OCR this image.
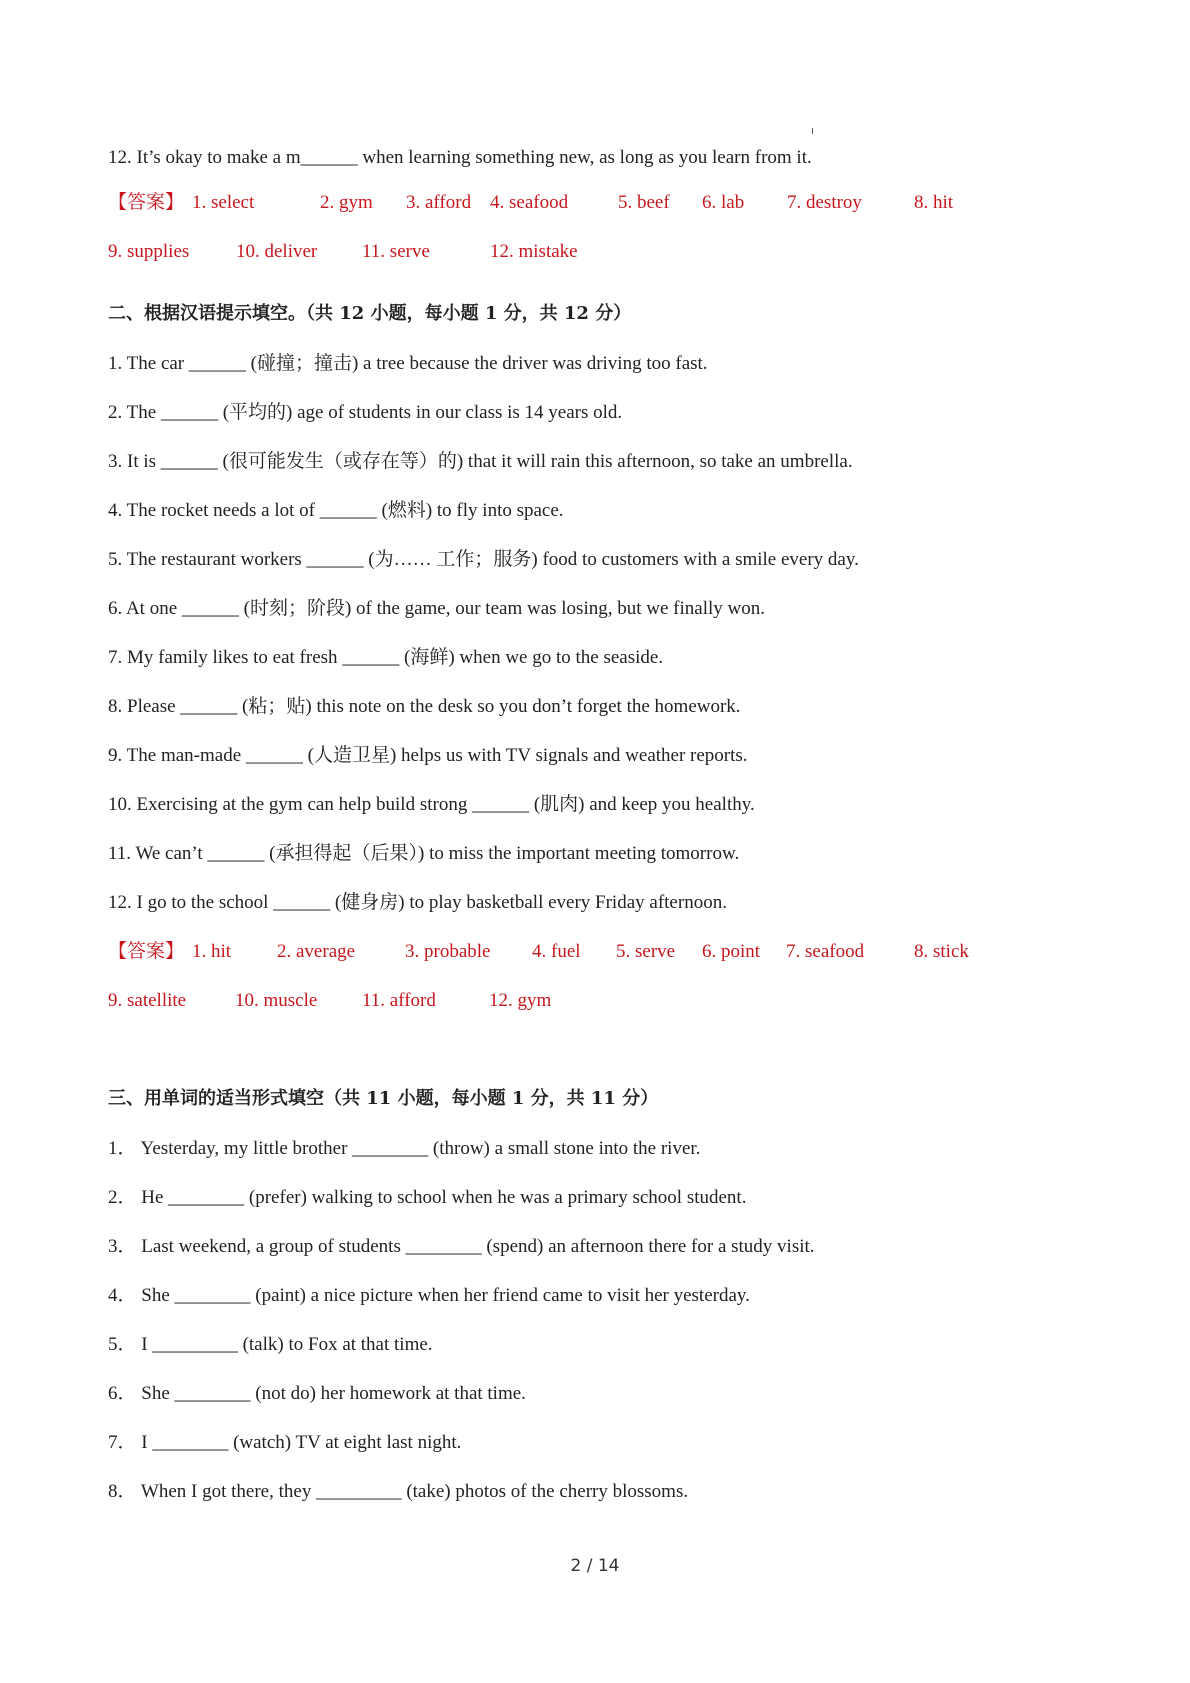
12. It’s okay to make a m______ when learning something new, as long as you learn from it.
【答案】 1. select	2. gym 3. afford 4. seafood	5. beef 6. lab 7. destroy	8. hit
9. supplies 10. deliver 11. serve	12. mistake
二、根据汉语提示填空。（共 12 小题，每小题 1 分，共 12 分）
1. The car ______ (碰撞；撞击) a tree because the driver was driving too fast.
2. The ______ (平均的) age of students in our class is 14 years old.
3. It is ______ (很可能发生（或存在等）的) that it will rain this afternoon, so take an umbrella.
4. The rocket needs a lot of ______ (燃料) to fly into space.
5. The restaurant workers ______ (为…… 工作；服务) food to customers with a smile every day.
6. At one ______ (时刻；阶段) of the game, our team was losing, but we finally won.
7. My family likes to eat fresh ______ (海鲜) when we go to the seaside.
8. Please ______ (粘；贴) this note on the desk so you don’t forget the homework.
9. The man-made ______ (人造卫星) helps us with TV signals and weather reports.
10. Exercising at the gym can help build strong ______ (肌肉) and keep you healthy.
11. We can’t ______ (承担得起（后果）) to miss the important meeting tomorrow.
12. I go to the school ______ (健身房) to play basketball every Friday afternoon.
【答案】 1. hit 2. average	3. probable 4. fuel 5. serve 6. point 7. seafood	8. stick
9. satellite	10. muscle 11. afford	12. gym
三、用单词的适当形式填空（共 11 小题，每小题 1 分，共 11 分）
1． Yesterday, my little brother ________ (throw) a small stone into the river.
2． He ________ (prefer) walking to school when he was a primary school student.
3． Last weekend, a group of students ________ (spend) an afternoon there for a study visit.
4． She ________ (paint) a nice picture when her friend came to visit her yesterday.
5． I _________ (talk) to Fox at that time.
6． She ________ (not do) her homework at that time.
7． I ________ (watch) TV at eight last night.
8． When I got there, they _________ (take) photos of the cherry blossoms.
2 / 14
